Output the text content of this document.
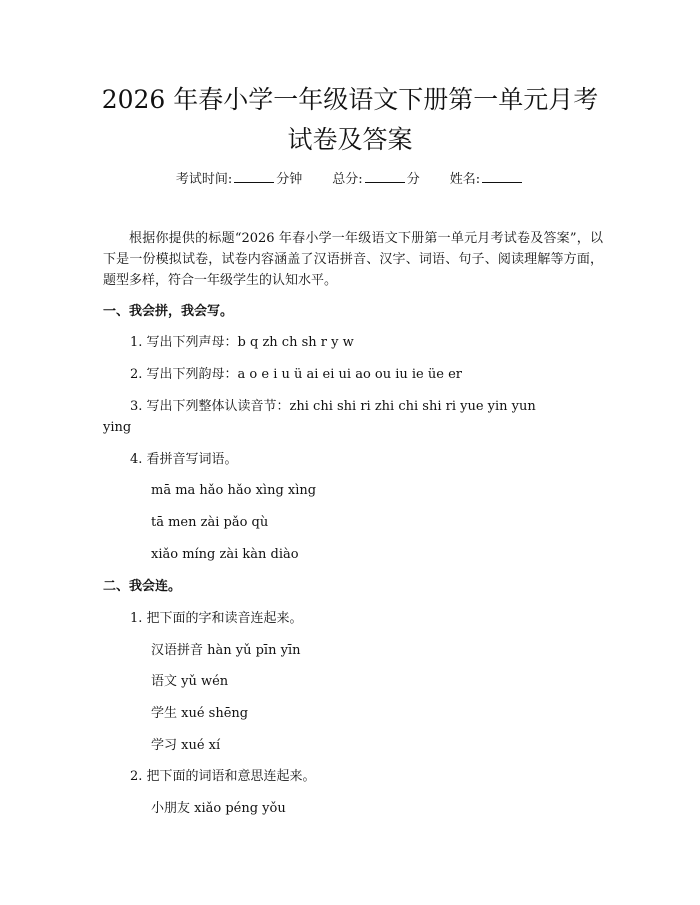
2026 年春小学一年级语文下册第一单元月考
试卷及答案
考试时间:	分钟 总分:	分 姓名:
根据你提供的标题“2026 年春小学一年级语文下册第一单元月考试卷及答案”，以下是一份模拟试卷，试卷内容涵盖了汉语拼音、汉字、词语、句子、阅读理解等方面，题型多样，符合一年级学生的认知水平。
一、我会拼，我会写。
1. 写出下列声母：b q zh ch sh r y w
2. 写出下列韵母：a o e i u ü ai ei ui ao ou iu ie üe er
3. 写出下列整体认读音节：zhi chi shi ri zhi chi shi ri yue yin yun
ying
4. 看拼音写词语。
mā ma hǎo hǎo xìng xìng
tā men zài pǎo qù
xiǎo míng zài kàn diào
二、我会连。
1. 把下面的字和读音连起来。
汉语拼音 hàn yǔ pīn yīn
语文 yǔ wén
学生 xué shēng
学习 xué xí
2. 把下面的词语和意思连起来。
小朋友 xiǎo péng yǒu
